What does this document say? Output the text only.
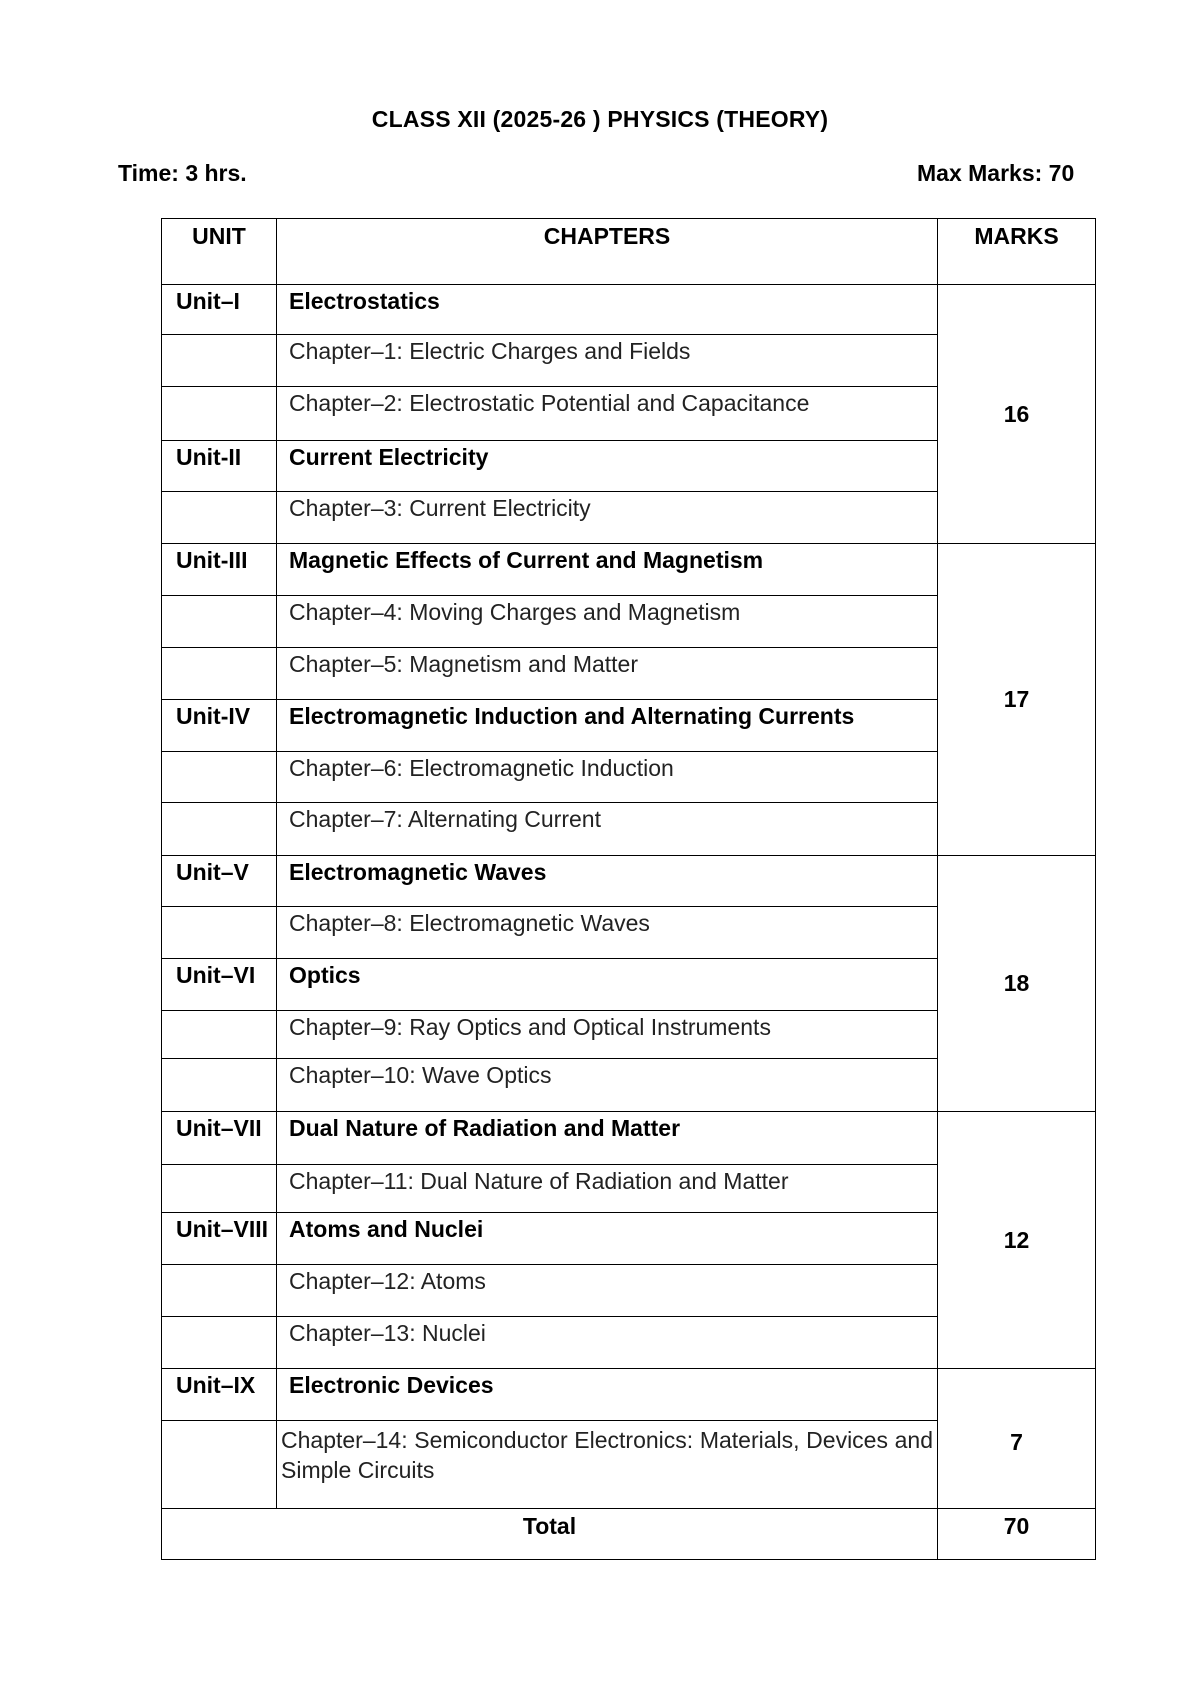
CLASS XII (2025-26 ) PHYSICS (THEORY)
Time: 3 hrs.	Max Marks: 70
UNIT	CHAPTERS	MARKS
Unit–I	Electrostatics	16
	Chapter–1: Electric Charges and Fields	
	Chapter–2: Electrostatic Potential and Capacitance	
Unit-II	Current Electricity	
	Chapter–3: Current Electricity	
Unit-III	Magnetic Effects of Current and Magnetism	17
	Chapter–4: Moving Charges and Magnetism	
	Chapter–5: Magnetism and Matter	
Unit-IV	Electromagnetic Induction and Alternating Currents	
	Chapter–6: Electromagnetic Induction	
	Chapter–7: Alternating Current	
Unit–V	Electromagnetic Waves	18
	Chapter–8: Electromagnetic Waves	
Unit–VI	Optics	
	Chapter–9: Ray Optics and Optical Instruments	
	Chapter–10: Wave Optics	
Unit–VII	Dual Nature of Radiation and Matter	12
	Chapter–11: Dual Nature of Radiation and Matter	
Unit–VIII	Atoms and Nuclei	
	Chapter–12: Atoms	
	Chapter–13: Nuclei	
Unit–IX	Electronic Devices	7
	Chapter–14: Semiconductor Electronics: Materials, Devices and Simple Circuits	
Total		70
